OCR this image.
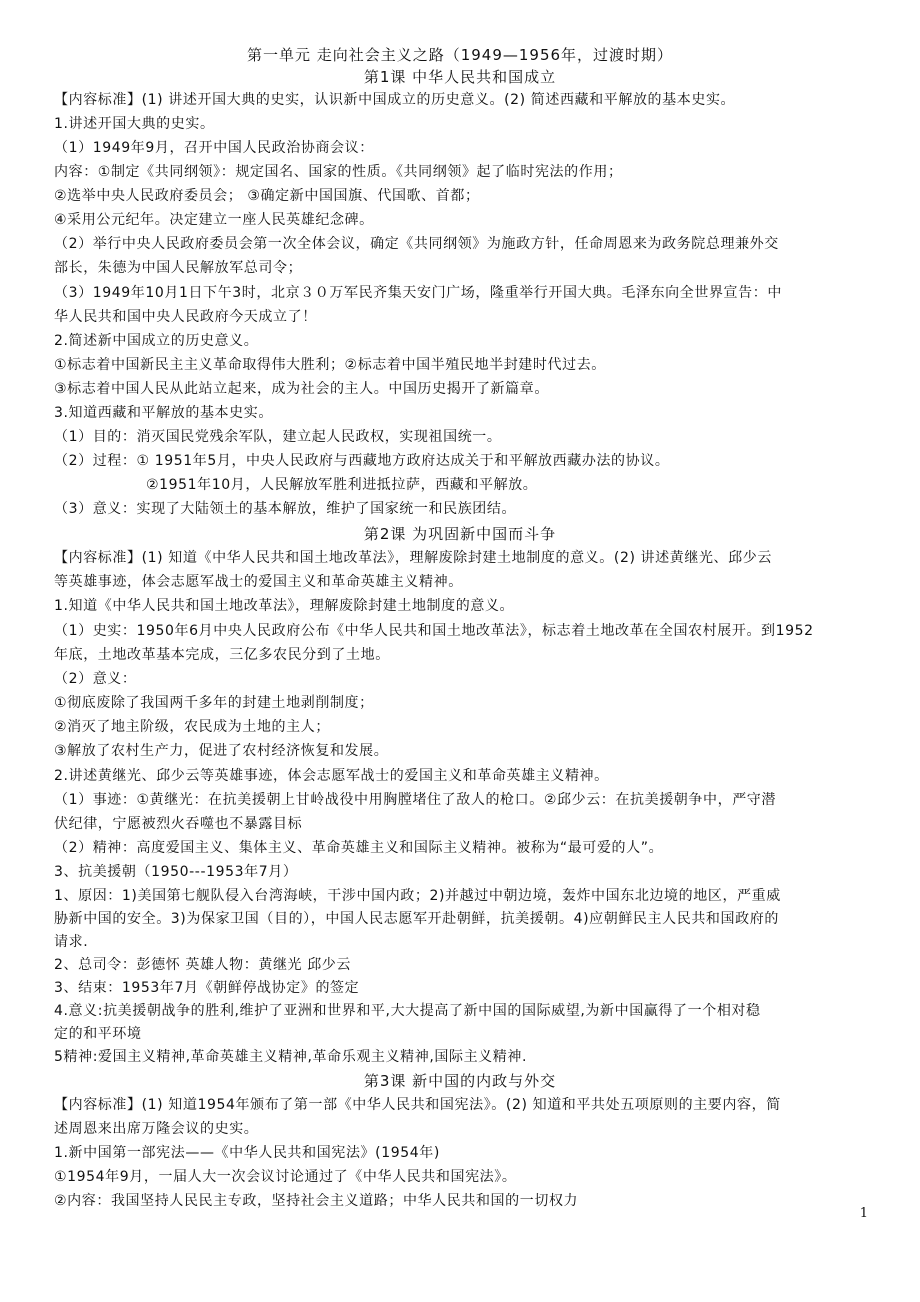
第一单元 走向社会主义之路（1949—1956年，过渡时期）
第1课 中华人民共和国成立
【内容标准】(1) 讲述开国大典的史实，认识新中国成立的历史意义。(2) 简述西藏和平解放的基本史实。
1.讲述开国大典的史实。
（1）1949年9月，召开中国人民政治协商会议：
内容：①制定《共同纲领》：规定国名、国家的性质。《共同纲领》起了临时宪法的作用；
②选举中央人民政府委员会； ③确定新中国国旗、代国歌、首都；
④采用公元纪年。决定建立一座人民英雄纪念碑。
（2）举行中央人民政府委员会第一次全体会议，确定《共同纲领》为施政方针，任命周恩来为政务院总理兼外交
部长，朱德为中国人民解放军总司令；
（3）1949年10月1日下午3时，北京３０万军民齐集天安门广场，隆重举行开国大典。毛泽东向全世界宣告：中
华人民共和国中央人民政府今天成立了！
2.简述新中国成立的历史意义。
①标志着中国新民主主义革命取得伟大胜利；②标志着中国半殖民地半封建时代过去。
③标志着中国人民从此站立起来，成为社会的主人。中国历史揭开了新篇章。
3.知道西藏和平解放的基本史实。
（1）目的：消灭国民党残余军队，建立起人民政权，实现祖国统一。
（2）过程：① 1951年5月，中央人民政府与西藏地方政府达成关于和平解放西藏办法的协议。
②1951年10月，人民解放军胜利进抵拉萨，西藏和平解放。
（3）意义：实现了大陆领土的基本解放，维护了国家统一和民族团结。
第2课 为巩固新中国而斗争
【内容标准】(1) 知道《中华人民共和国土地改革法》，理解废除封建土地制度的意义。(2) 讲述黄继光、邱少云
等英雄事迹，体会志愿军战士的爱国主义和革命英雄主义精神。
1.知道《中华人民共和国土地改革法》，理解废除封建土地制度的意义。
（1）史实：1950年6月中央人民政府公布《中华人民共和国土地改革法》，标志着土地改革在全国农村展开。到1952
年底，土地改革基本完成，三亿多农民分到了土地。
（2）意义：
①彻底废除了我国两千多年的封建土地剥削制度；
②消灭了地主阶级，农民成为土地的主人；
③解放了农村生产力，促进了农村经济恢复和发展。
2.讲述黄继光、邱少云等英雄事迹，体会志愿军战士的爱国主义和革命英雄主义精神。
（1）事迹：①黄继光：在抗美援朝上甘岭战役中用胸膛堵住了敌人的枪口。②邱少云：在抗美援朝争中，严守潜
伏纪律，宁愿被烈火吞噬也不暴露目标
（2）精神：高度爱国主义、集体主义、革命英雄主义和国际主义精神。被称为“最可爱的人”。
3、抗美援朝（1950---1953年7月）
1、原因：1)美国第七舰队侵入台湾海峡，干涉中国内政；2)并越过中朝边境，轰炸中国东北边境的地区，严重威
胁新中国的安全。3)为保家卫国（目的），中国人民志愿军开赴朝鲜，抗美援朝。4)应朝鲜民主人民共和国政府的
请求.
2、总司令：彭德怀 英雄人物：黄继光 邱少云
3、结束：1953年7月《朝鲜停战协定》的签定
4.意义:抗美援朝战争的胜利,维护了亚洲和世界和平,大大提高了新中国的国际威望,为新中国赢得了一个相对稳
定的和平环境
5精神:爱国主义精神,革命英雄主义精神,革命乐观主义精神,国际主义精神.
第3课 新中国的内政与外交
【内容标准】(1) 知道1954年颁布了第一部《中华人民共和国宪法》。(2) 知道和平共处五项原则的主要内容，简
述周恩来出席万隆会议的史实。
1.新中国第一部宪法——《中华人民共和国宪法》(1954年)
①1954年9月，一届人大一次会议讨论通过了《中华人民共和国宪法》。
②内容：我国坚持人民民主专政，坚持社会主义道路；中华人民共和国的一切权力
1
